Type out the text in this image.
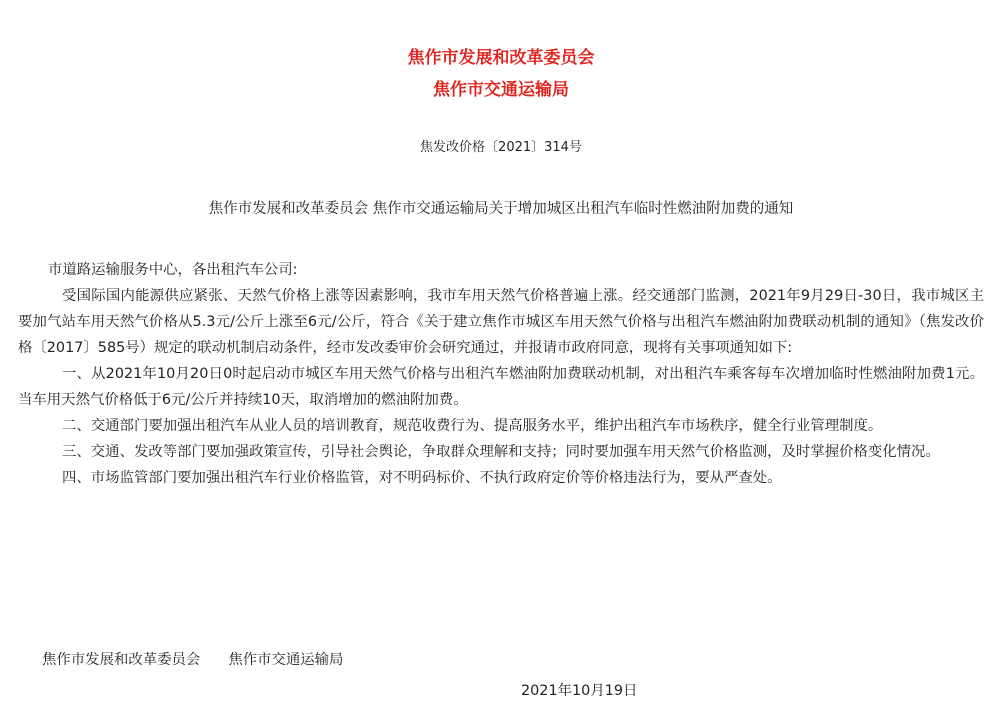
焦作市发展和改革委员会
焦作市交通运输局
焦发改价格〔2021〕314号
焦作市发展和改革委员会 焦作市交通运输局关于增加城区出租汽车临时性燃油附加费的通知

市道路运输服务中心，各出租汽车公司:

受国际国内能源供应紧张、天然气价格上涨等因素影响，我市车用天然气价格普遍上涨。经交通部门监测，2021年9月29日-30日，我市城区主要加气站车用天然气价格从5.3元/公斤上涨至6元/公斤，符合《关于建立焦作市城区车用天然气价格与出租汽车燃油附加费联动机制的通知》（焦发改价格〔2017〕585号）规定的联动机制启动条件，经市发改委审价会研究通过，并报请市政府同意，现将有关事项通知如下:

一、从2021年10月20日0时起启动市城区车用天然气价格与出租汽车燃油附加费联动机制，对出租汽车乘客每车次增加临时性燃油附加费1元。当车用天然气价格低于6元/公斤并持续10天，取消增加的燃油附加费。

二、交通部门要加强出租汽车从业人员的培训教育，规范收费行为、提高服务水平，维护出租汽车市场秩序，健全行业管理制度。

三、交通、发改等部门要加强政策宣传，引导社会舆论，争取群众理解和支持；同时要加强车用天然气价格监测，及时掌握价格变化情况。

四、市场监管部门要加强出租汽车行业价格监管，对不明码标价、不执行政府定价等价格违法行为，要从严查处。

焦作市发展和改革委员会 焦作市交通运输局
2021年10月19日
